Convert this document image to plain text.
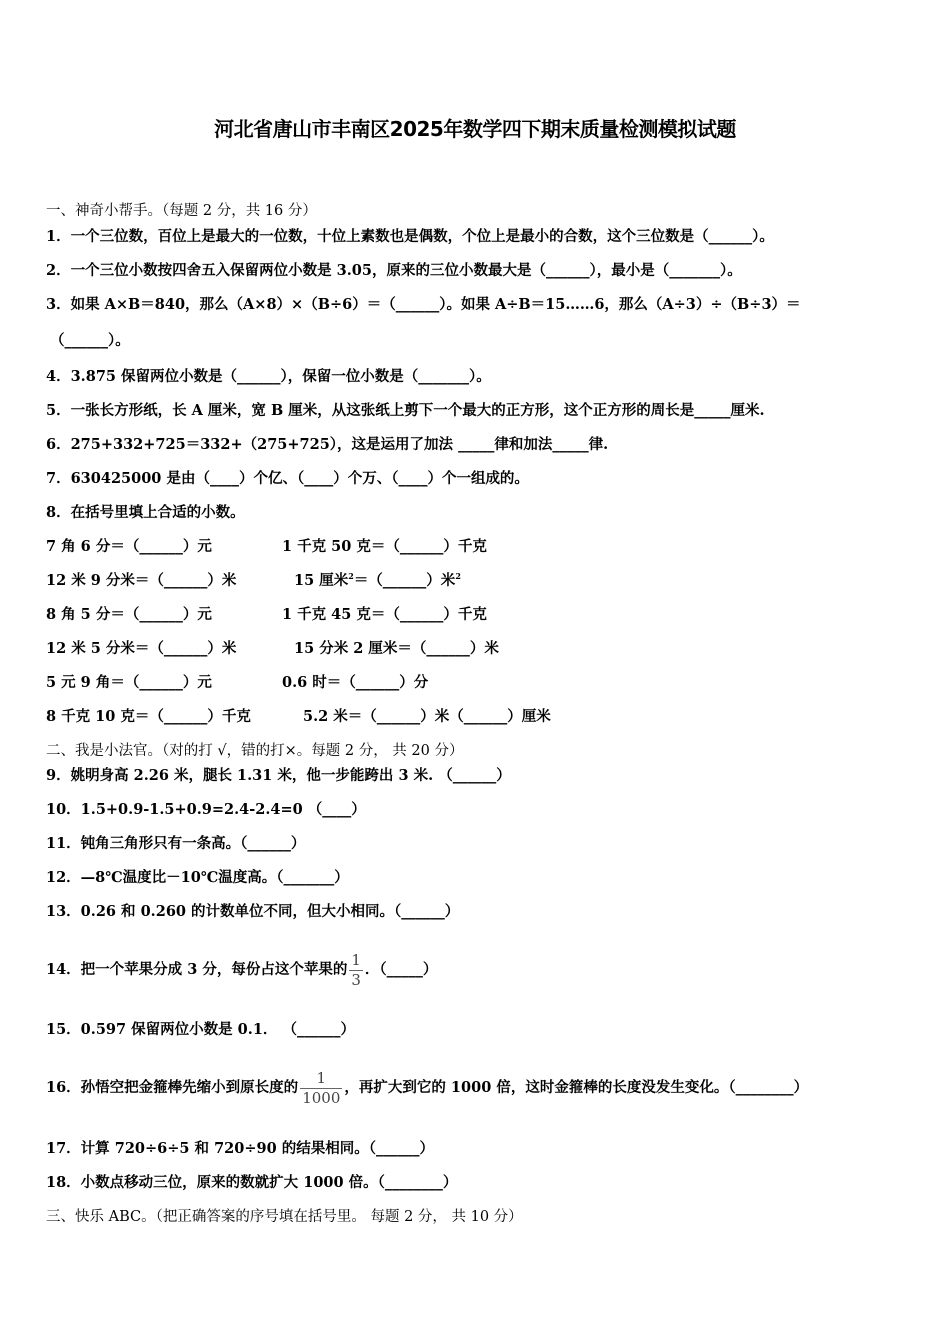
河北省唐山市丰南区2025年数学四下期末质量检测模拟试题
一、神奇小帮手。（每题 2 分，共 16 分）
1．一个三位数，百位上是最大的一位数，十位上素数也是偶数，个位上是最小的合数，这个三位数是（______）。
2．一个三位小数按四舍五入保留两位小数是 3.05，原来的三位小数最大是（______），最小是（_______）。
3．如果 A×B＝840，那么（A×8）×（B÷6）＝（______）。如果 A÷B＝15……6，那么（A÷3）÷（B÷3）＝
（______）。
4．3.875 保留两位小数是（______），保留一位小数是（_______）。
5．一张长方形纸，长 A 厘米，宽 B 厘米，从这张纸上剪下一个最大的正方形，这个正方形的周长是_____厘米.
6．275+332+725＝332+（275+725），这是运用了加法 _____律和加法_____律.
7．630425000 是由（____）个亿、（____）个万、（____）个一组成的。
8．在括号里填上合适的小数。
7 角 6 分＝（______）元	1 千克 50 克＝（______）千克
12 米 9 分米＝（______）米	15 厘米$^2$＝（______）米$^2$
8 角 5 分＝（______）元	1 千克 45 克＝（______）千克
12 米 5 分米＝（______）米	15 分米 2 厘米＝（______）米
5 元 9 角＝（______）元	0.6 时＝（______）分
8 千克 10 克＝（______）千克	5.2 米＝（______）米（______）厘米
二、我是小法官。（对的打 √，错的打×。每题 2 分， 共 20 分）
9．姚明身高 2.26 米，腿长 1.31 米，他一步能跨出 3 米. （______）
10．1.5+0.9-1.5+0.9=2.4-2.4=0 （____）
11．钝角三角形只有一条高。（______）
12．—8℃温度比－10℃温度高。（_______）
13．0.26 和 0.260 的计数单位不同，但大小相同。（______）
14．把一个苹果分成 3 分，每份占这个苹果的 $\frac{1}{3}$ ．（_____）
15．0.597 保留两位小数是 0.1． （______）
16．孙悟空把金箍棒先缩小到原长度的 $\frac{1}{1000}$ ，再扩大到它的 1000 倍，这时金箍棒的长度没发生变化。（________）
17．计算 720÷6÷5 和 720÷90 的结果相同。（______）
18．小数点移动三位，原来的数就扩大 1000 倍。（________）
三、快乐 ABC。（把正确答案的序号填在括号里。 每题 2 分， 共 10 分）
